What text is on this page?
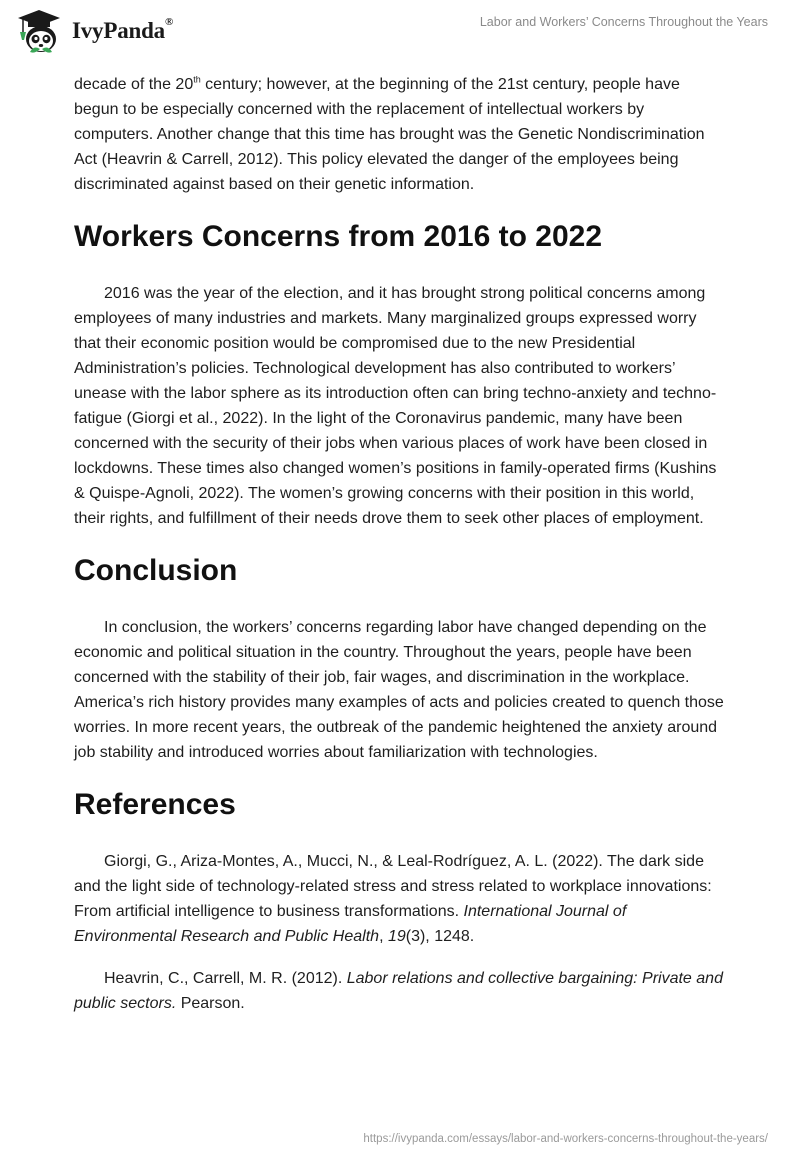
IvyPanda®	Labor and Workers’ Concerns Throughout the Years

decade of the 20th century; however, at the beginning of the 21st century, people have begun to be especially concerned with the replacement of intellectual workers by computers. Another change that this time has brought was the Genetic Nondiscrimination Act (Heavrin & Carrell, 2012). This policy elevated the danger of the employees being discriminated against based on their genetic information.

Workers Concerns from 2016 to 2022

2016 was the year of the election, and it has brought strong political concerns among employees of many industries and markets. Many marginalized groups expressed worry that their economic position would be compromised due to the new Presidential Administration’s policies. Technological development has also contributed to workers’ unease with the labor sphere as its introduction often can bring techno-anxiety and techno-fatigue (Giorgi et al., 2022). In the light of the Coronavirus pandemic, many have been concerned with the security of their jobs when various places of work have been closed in lockdowns. These times also changed women’s positions in family-operated firms (Kushins & Quispe-Agnoli, 2022). The women’s growing concerns with their position in this world, their rights, and fulfillment of their needs drove them to seek other places of employment.

Conclusion

In conclusion, the workers’ concerns regarding labor have changed depending on the economic and political situation in the country. Throughout the years, people have been concerned with the stability of their job, fair wages, and discrimination in the workplace. America’s rich history provides many examples of acts and policies created to quench those worries. In more recent years, the outbreak of the pandemic heightened the anxiety around job stability and introduced worries about familiarization with technologies.

References

Giorgi, G., Ariza-Montes, A., Mucci, N., & Leal-Rodríguez, A. L. (2022). The dark side and the light side of technology-related stress and stress related to workplace innovations: From artificial intelligence to business transformations. International Journal of Environmental Research and Public Health, 19(3), 1248.

Heavrin, C., Carrell, M. R. (2012). Labor relations and collective bargaining: Private and public sectors. Pearson.

https://ivypanda.com/essays/labor-and-workers-concerns-throughout-the-years/
